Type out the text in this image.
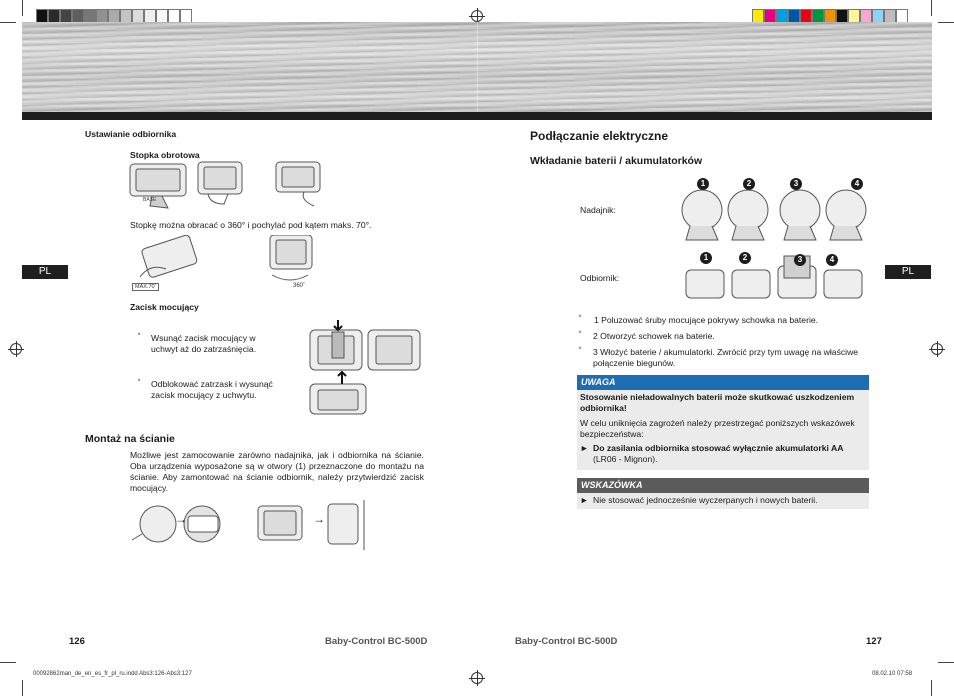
PL	PL
Ustawianie odbiornika
Stopka obrotowa
BASE
Stopkę można obracać o 360° i pochylać pod kątem maks. 70°.
MAX.70˚	360˚
Zacisk mocujący
ª Wsunąć zacisk mocujący w uchwyt aż do zatrzaśnięcia.
ª Odblokować zatrzask i wysunąć zacisk mocujący z uchwytu.
Montaż na ścianie
Możliwe jest zamocowanie zarówno nadajnika, jak i odbiornika na ścianie. Oba urządzenia wyposażone są w otwory (1) przeznaczone do montażu na ścianie. Aby zamontować na ścianie odbiornik, należy przytwierdzić zacisk mocujący.
→	→
126	Baby-Control BC-500D
Podłączanie elektryczne
Wkładanie baterii / akumulatorków
Nadajnik:
Odbiornik:
1	2	3	4
1	2	3	4
ª 1 Poluzować śruby mocujące pokrywy schowka na baterie.
ª 2 Otworzyć schowek na baterie.
ª 3 Włożyć baterie / akumulatorki. Zwrócić przy tym uwagę na właściwe połączenie biegunów.
UWAGA
Stosowanie nieładowalnych baterii może skutkować uszkodzeniem odbiornika!
W celu uniknięcia zagrożeń należy przestrzegać poniższych wskazówek bezpieczeństwa:
► Do zasilania odbiornika stosować wyłącznie akumulatorki AA
(LR06 - Mignon).
WSKAZÓWKA
► Nie stosować jednocześnie wyczerpanych i nowych baterii.
Baby-Control BC-500D	127
00092862man_de_en_es_fr_pl_ru.indd Abs3:126-Abs3:127	08.02.10 07:58
